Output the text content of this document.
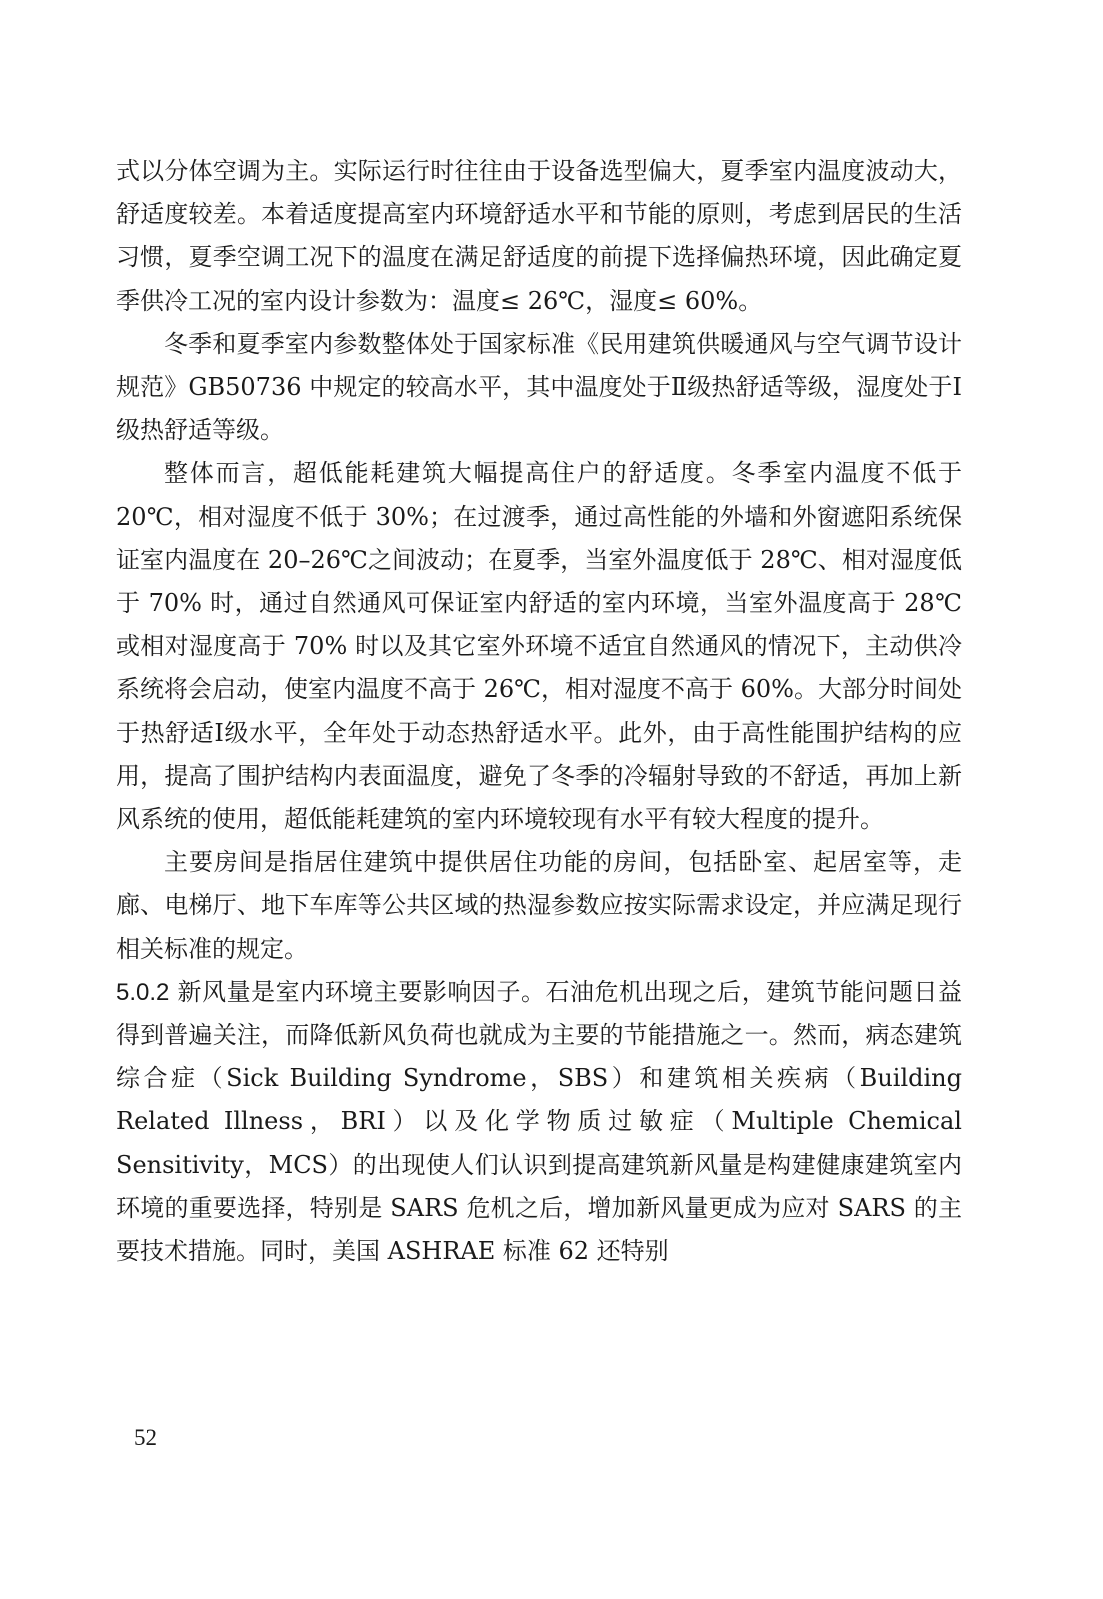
式以分体空调为主。实际运行时往往由于设备选型偏大，夏季室内温度波动大，舒适度较差。本着适度提高室内环境舒适水平和节能的原则，考虑到居民的生活习惯，夏季空调工况下的温度在满足舒适度的前提下选择偏热环境，因此确定夏季供冷工况的室内设计参数为：温度≤ 26℃，湿度≤ 60%。

冬季和夏季室内参数整体处于国家标准《民用建筑供暖通风与空气调节设计规范》GB50736 中规定的较高水平，其中温度处于Ⅱ级热舒适等级，湿度处于Ⅰ级热舒适等级。

整体而言，超低能耗建筑大幅提高住户的舒适度。冬季室内温度不低于 20℃，相对湿度不低于 30%；在过渡季，通过高性能的外墙和外窗遮阳系统保证室内温度在 20–26℃之间波动；在夏季，当室外温度低于 28℃、相对湿度低于 70% 时，通过自然通风可保证室内舒适的室内环境，当室外温度高于 28℃或相对湿度高于 70% 时以及其它室外环境不适宜自然通风的情况下，主动供冷系统将会启动，使室内温度不高于 26℃，相对湿度不高于 60%。大部分时间处于热舒适Ⅰ级水平，全年处于动态热舒适水平。此外，由于高性能围护结构的应用，提高了围护结构内表面温度，避免了冬季的冷辐射导致的不舒适，再加上新风系统的使用，超低能耗建筑的室内环境较现有水平有较大程度的提升。

主要房间是指居住建筑中提供居住功能的房间，包括卧室、起居室等，走廊、电梯厅、地下车库等公共区域的热湿参数应按实际需求设定，并应满足现行相关标准的规定。

5.0.2 新风量是室内环境主要影响因子。石油危机出现之后，建筑节能问题日益得到普遍关注，而降低新风负荷也就成为主要的节能措施之一。然而，病态建筑综合症（Sick Building Syndrome，SBS）和建筑相关疾病（Building Related Illness，BRI）以及化学物质过敏症（Multiple Chemical Sensitivity，MCS）的出现使人们认识到提高建筑新风量是构建健康建筑室内环境的重要选择，特别是 SARS 危机之后，增加新风量更成为应对 SARS 的主要技术措施。同时，美国 ASHRAE 标准 62 还特别

52
